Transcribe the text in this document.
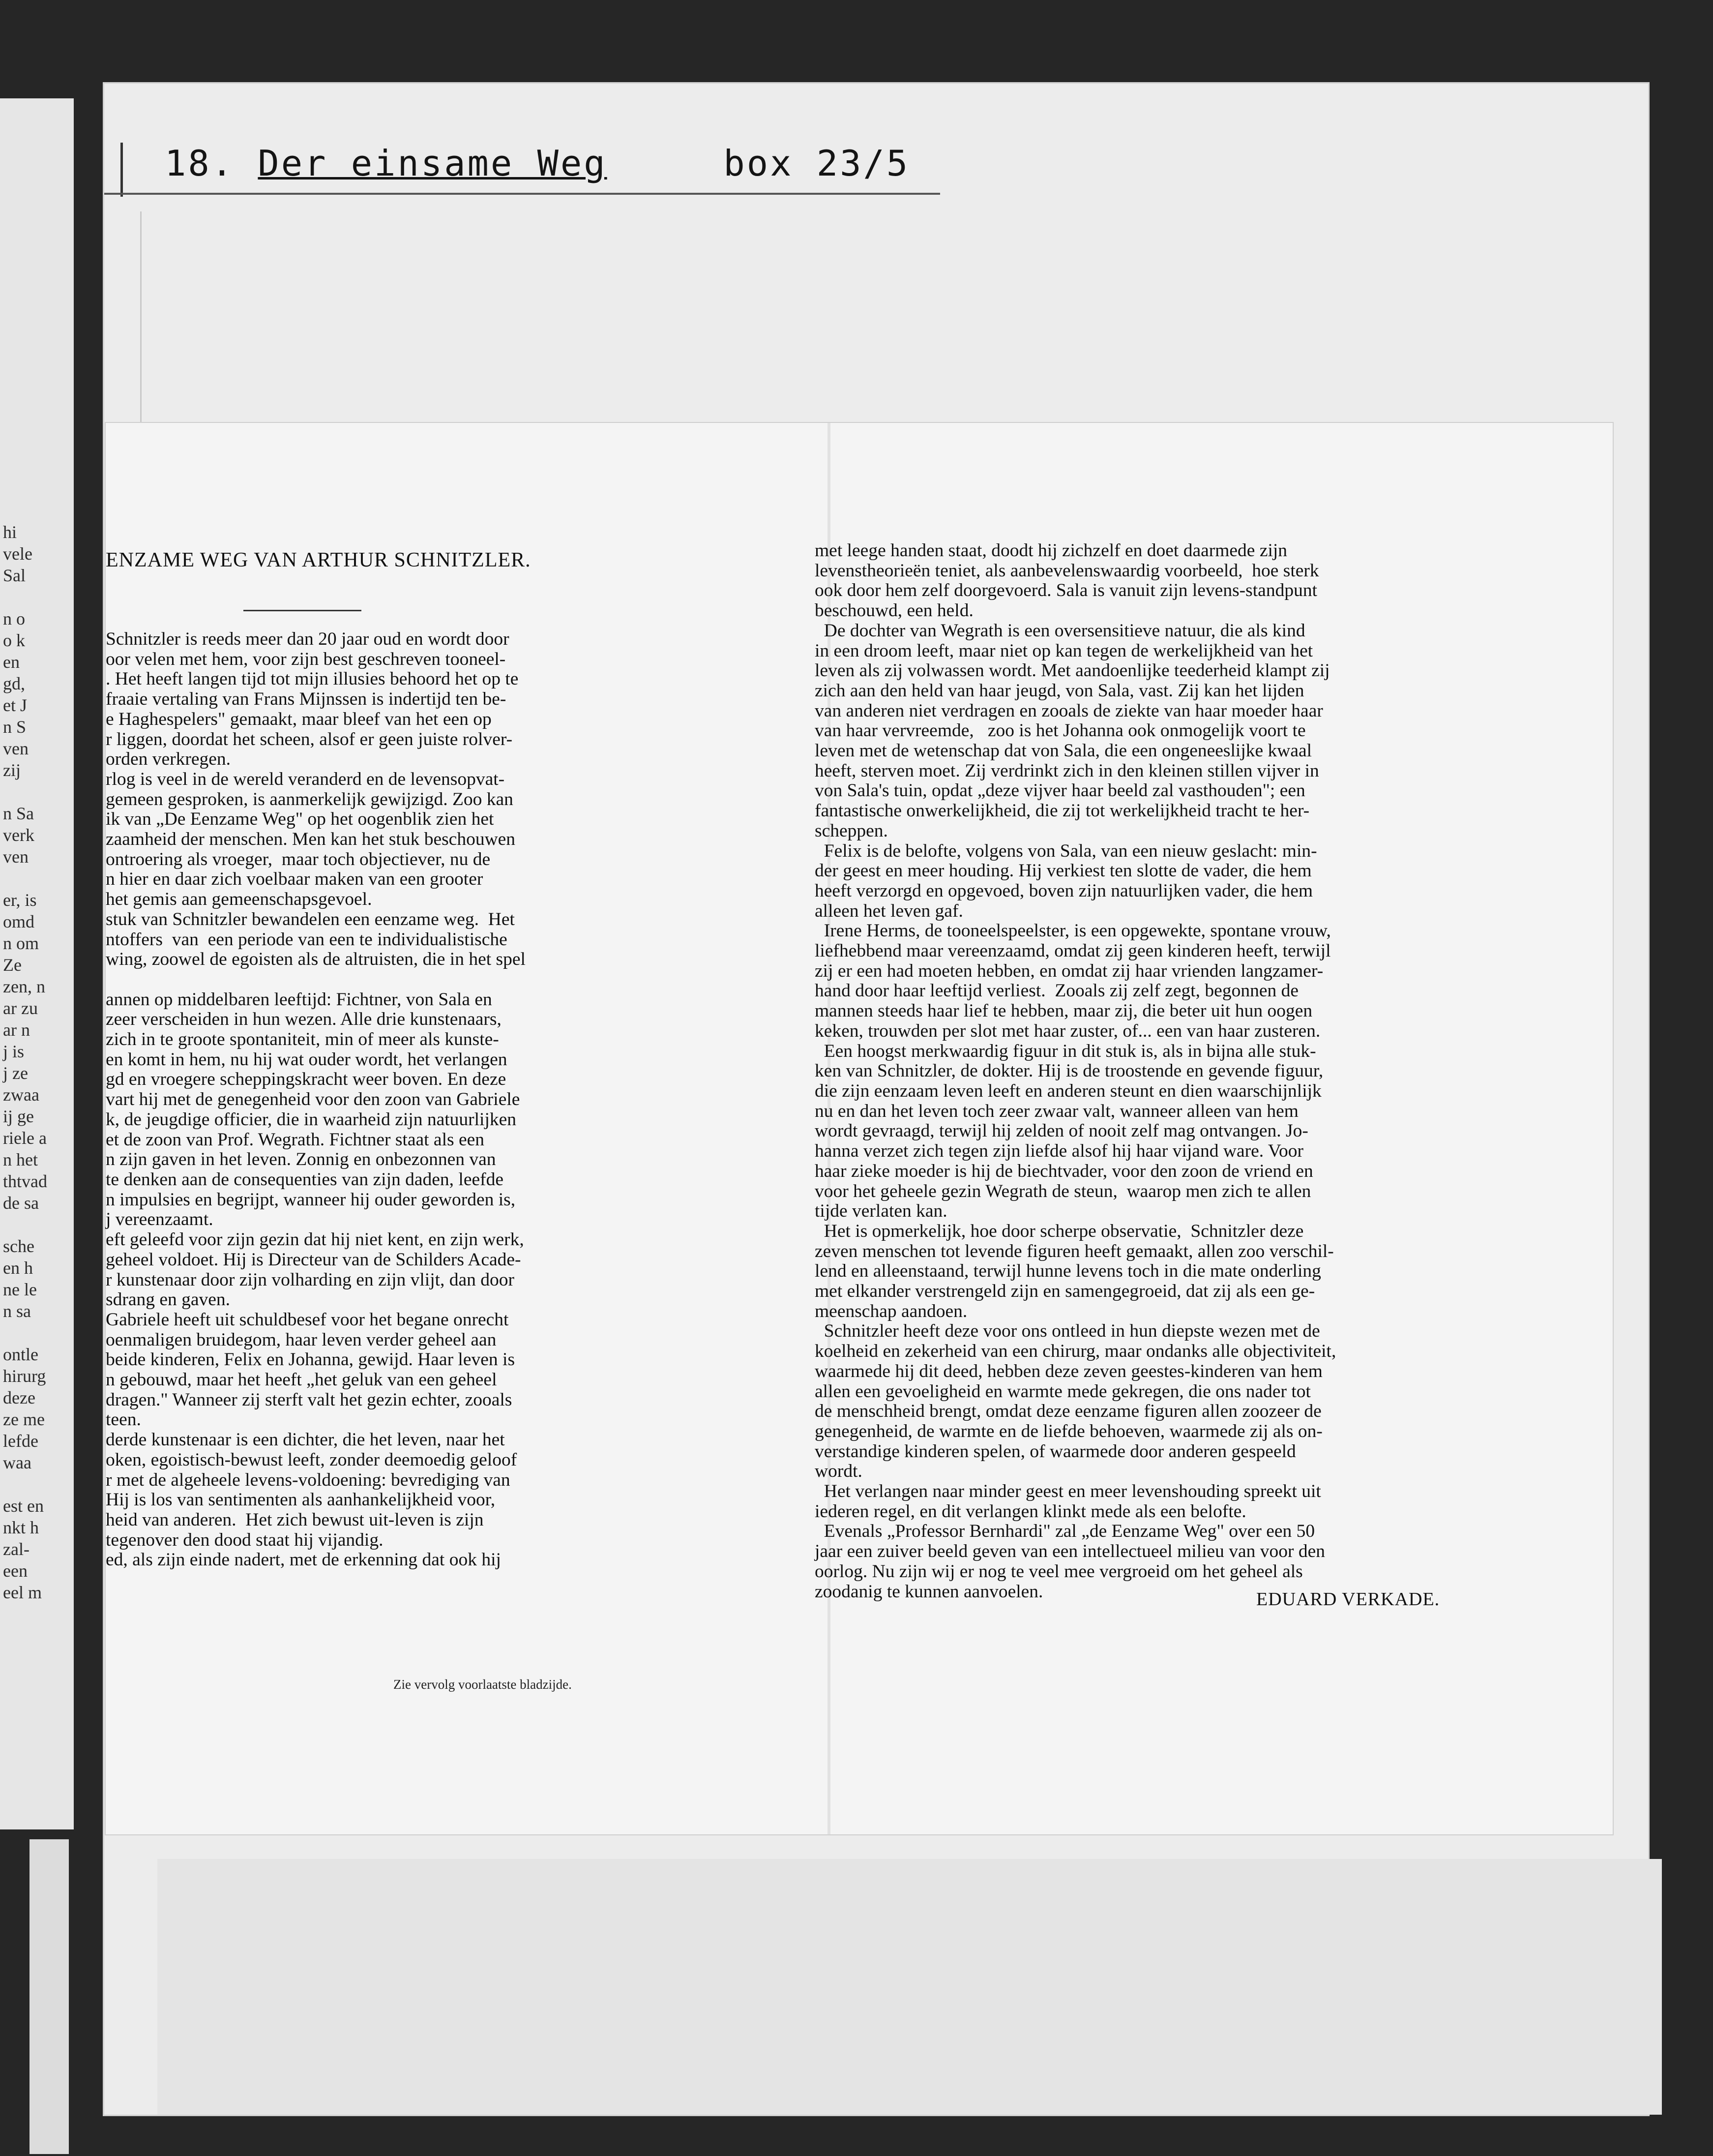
hi
vele
Sal

n o
o k
en
gd,
et J
n S
ven
zij

n Sa
verk
ven

er, is
omd
n om
Ze
zen, n
ar zu
ar n
j is
j ze
zwaa
ij ge
riele a
n het
thtvad
de sa

sche
en h
ne le
n sa

ontle
hirurg
deze
ze me
lefde
waa

est en
nkt h
zal-
een
eel m
18. Der einsame Weg	box 23/5
ENZAME WEG VAN ARTHUR SCHNITZLER.
Schnitzler is reeds meer dan 20 jaar oud en wordt door
oor velen met hem, voor zijn best geschreven tooneel-
. Het heeft langen tijd tot mijn illusies behoord het op te
fraaie vertaling van Frans Mijnssen is indertijd ten be-
e Haghespelers" gemaakt, maar bleef van het een op
r liggen, doordat het scheen, alsof er geen juiste rolver-
orden verkregen.
rlog is veel in de wereld veranderd en de levensopvat-
gemeen gesproken, is aanmerkelijk gewijzigd. Zoo kan
ik van „De Eenzame Weg" op het oogenblik zien het
zaamheid der menschen. Men kan het stuk beschouwen
ontroering als vroeger,  maar toch objectiever, nu de
n hier en daar zich voelbaar maken van een grooter
het gemis aan gemeenschapsgevoel.
stuk van Schnitzler bewandelen een eenzame weg.  Het
ntoffers  van  een periode van een te individualistische
wing, zoowel de egoisten als de altruisten, die in het spel

annen op middelbaren leeftijd: Fichtner, von Sala en
zeer verscheiden in hun wezen. Alle drie kunstenaars,
zich in te groote spontaniteit, min of meer als kunste-
en komt in hem, nu hij wat ouder wordt, het verlangen
gd en vroegere scheppingskracht weer boven. En deze
vart hij met de genegenheid voor den zoon van Gabriele
k, de jeugdige officier, die in waarheid zijn natuurlijken
et de zoon van Prof. Wegrath. Fichtner staat als een
n zijn gaven in het leven. Zonnig en onbezonnen van
te denken aan de consequenties van zijn daden, leefde
n impulsies en begrijpt, wanneer hij ouder geworden is,
j vereenzaamt.
eft geleefd voor zijn gezin dat hij niet kent, en zijn werk,
geheel voldoet. Hij is Directeur van de Schilders Acade-
r kunstenaar door zijn volharding en zijn vlijt, dan door
sdrang en gaven.
Gabriele heeft uit schuldbesef voor het begane onrecht
oenmaligen bruidegom, haar leven verder geheel aan
beide kinderen, Felix en Johanna, gewijd. Haar leven is
n gebouwd, maar het heeft „het geluk van een geheel
dragen." Wanneer zij sterft valt het gezin echter, zooals
teen.
derde kunstenaar is een dichter, die het leven, naar het
oken, egoistisch-bewust leeft, zonder deemoedig geloof
r met de algeheele levens-voldoening: bevrediging van
Hij is los van sentimenten als aanhankelijkheid voor,
heid van anderen.  Het zich bewust uit-leven is zijn
tegenover den dood staat hij vijandig.
ed, als zijn einde nadert, met de erkenning dat ook hij
Zie vervolg voorlaatste bladzijde.
met leege handen staat, doodt hij zichzelf en doet daarmede zijn
levenstheorieën teniet, als aanbevelenswaardig voorbeeld,  hoe sterk
ook door hem zelf doorgevoerd. Sala is vanuit zijn levens-standpunt
beschouwd, een held.
De dochter van Wegrath is een oversensitieve natuur, die als kind
in een droom leeft, maar niet op kan tegen de werkelijkheid van het
leven als zij volwassen wordt. Met aandoenlijke teederheid klampt zij
zich aan den held van haar jeugd, von Sala, vast. Zij kan het lijden
van anderen niet verdragen en zooals de ziekte van haar moeder haar
van haar vervreemde,   zoo is het Johanna ook onmogelijk voort te
leven met de wetenschap dat von Sala, die een ongeneeslijke kwaal
heeft, sterven moet. Zij verdrinkt zich in den kleinen stillen vijver in
von Sala's tuin, opdat „deze vijver haar beeld zal vasthouden"; een
fantastische onwerkelijkheid, die zij tot werkelijkheid tracht te her-
scheppen.
Felix is de belofte, volgens von Sala, van een nieuw geslacht: min-
der geest en meer houding. Hij verkiest ten slotte de vader, die hem
heeft verzorgd en opgevoed, boven zijn natuurlijken vader, die hem
alleen het leven gaf.
Irene Herms, de tooneelspeelster, is een opgewekte, spontane vrouw,
liefhebbend maar vereenzaamd, omdat zij geen kinderen heeft, terwijl
zij er een had moeten hebben, en omdat zij haar vrienden langzamer-
hand door haar leeftijd verliest.  Zooals zij zelf zegt, begonnen de
mannen steeds haar lief te hebben, maar zij, die beter uit hun oogen
keken, trouwden per slot met haar zuster, of... een van haar zusteren.
Een hoogst merkwaardig figuur in dit stuk is, als in bijna alle stuk-
ken van Schnitzler, de dokter. Hij is de troostende en gevende figuur,
die zijn eenzaam leven leeft en anderen steunt en dien waarschijnlijk
nu en dan het leven toch zeer zwaar valt, wanneer alleen van hem
wordt gevraagd, terwijl hij zelden of nooit zelf mag ontvangen. Jo-
hanna verzet zich tegen zijn liefde alsof hij haar vijand ware. Voor
haar zieke moeder is hij de biechtvader, voor den zoon de vriend en
voor het geheele gezin Wegrath de steun,  waarop men zich te allen
tijde verlaten kan.
Het is opmerkelijk, hoe door scherpe observatie,  Schnitzler deze
zeven menschen tot levende figuren heeft gemaakt, allen zoo verschil-
lend en alleenstaand, terwijl hunne levens toch in die mate onderling
met elkander verstrengeld zijn en samengegroeid, dat zij als een ge-
meenschap aandoen.
Schnitzler heeft deze voor ons ontleed in hun diepste wezen met de
koelheid en zekerheid van een chirurg, maar ondanks alle objectiviteit,
waarmede hij dit deed, hebben deze zeven geestes-kinderen van hem
allen een gevoeligheid en warmte mede gekregen, die ons nader tot
de menschheid brengt, omdat deze eenzame figuren allen zoozeer de
genegenheid, de warmte en de liefde behoeven, waarmede zij als on-
verstandige kinderen spelen, of waarmede door anderen gespeeld
wordt.
Het verlangen naar minder geest en meer levenshouding spreekt uit
iederen regel, en dit verlangen klinkt mede als een belofte.
Evenals „Professor Bernhardi" zal „de Eenzame Weg" over een 50
jaar een zuiver beeld geven van een intellectueel milieu van voor den
oorlog. Nu zijn wij er nog te veel mee vergroeid om het geheel als
zoodanig te kunnen aanvoelen.	EDUARD VERKADE.
